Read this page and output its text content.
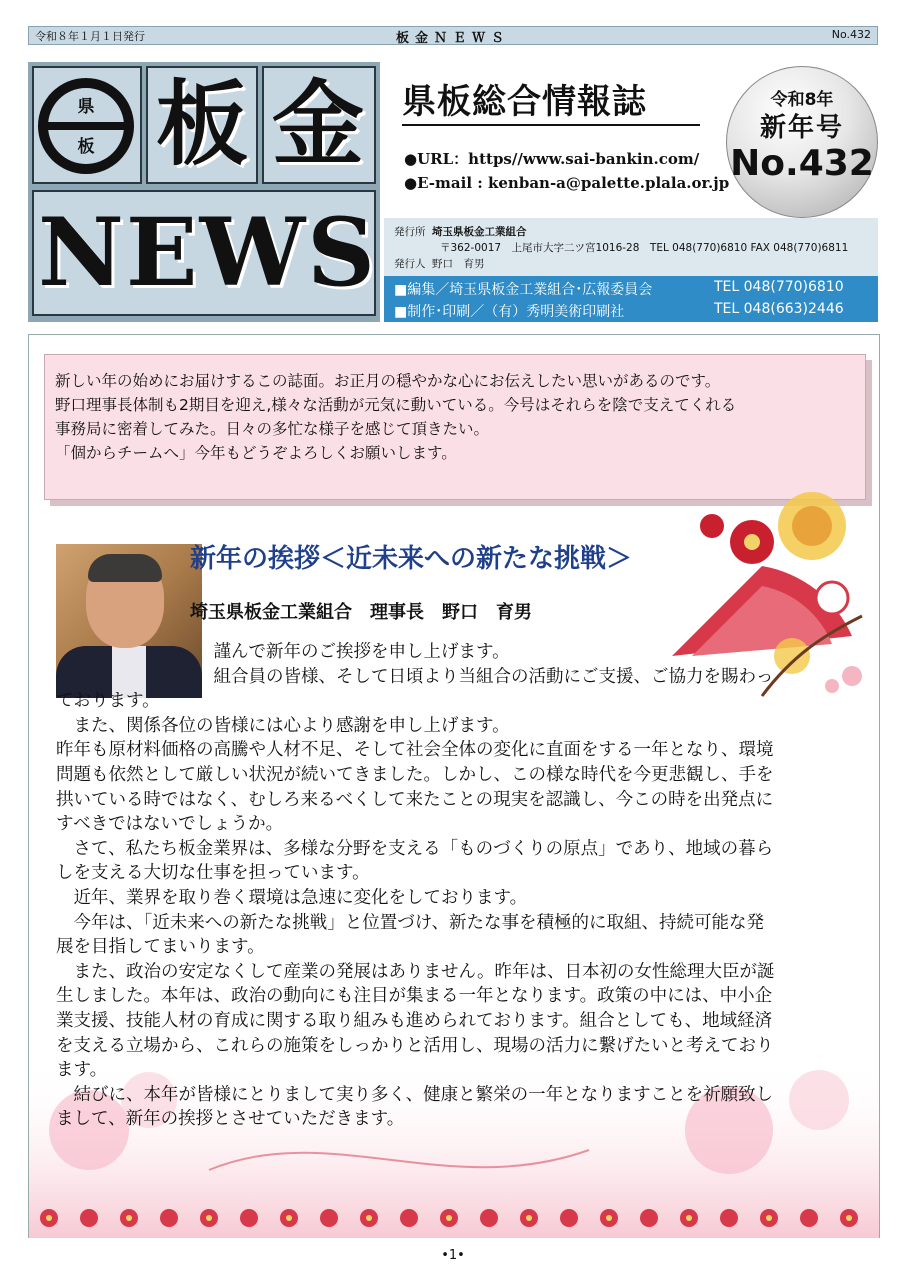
令和８年１月１日発行	板金ＮＥＷＳ	No.432
県
板 板 金
NEWS
県板総合情報誌
●URL：https//www.sai-bankin.com/
●E-mail : kenban-a@palette.plala.or.jp
令和8年
新年号
No.432
発行所 埼玉県板金工業組合
〒362-0017　上尾市大字二ツ宮1016-28　TEL 048(770)6810 FAX 048(770)6811
発行人 野口　育男
■編集／埼玉県板金工業組合･広報委員会	TEL 048(770)6810
■制作･印刷／（有）秀明美術印刷社	TEL 048(663)2446

新しい年の始めにお届けするこの誌面。お正月の穏やかな心にお伝えしたい思いがあるのです。

野口理事長体制も2期目を迎え,様々な活動が元気に動いている。今号はそれらを陰で支えてくれる

事務局に密着してみた。日々の多忙な様子を感じて頂きたい。

「個からチームへ」今年もどうぞよろしくお願いします。

新年の挨拶＜近未来への新たな挑戦＞
埼玉県板金工業組合　理事長　野口　育男
　謹んで新年のご挨拶を申し上げます。
　組合員の皆様、そして日頃より当組合の活動にご支援、ご協力を賜わっ
ております。
　また、関係各位の皆様には心より感謝を申し上げます。
昨年も原材料価格の高騰や人材不足、そして社会全体の変化に直面をする一年となり、環境
問題も依然として厳しい状況が続いてきました。しかし、この様な時代を今更悲観し、手を
拱いている時ではなく、むしろ来るべくして来たことの現実を認識し、今この時を出発点に
すべきではないでしょうか。
　さて、私たち板金業界は、多様な分野を支える「ものづくりの原点」であり、地域の暮ら
しを支える大切な仕事を担っています。
　近年、業界を取り巻く環境は急速に変化をしております。
　今年は、「近未来への新たな挑戦」と位置づけ、新たな事を積極的に取組、持続可能な発
展を目指してまいります。
　また、政治の安定なくして産業の発展はありません。昨年は、日本初の女性総理大臣が誕
生しました。本年は、政治の動向にも注目が集まる一年となります。政策の中には、中小企
業支援、技能人材の育成に関する取り組みも進められております。組合としても、地域経済
を支える立場から、これらの施策をしっかりと活用し、現場の活力に繋げたいと考えており
ます。
　結びに、本年が皆様にとりまして実り多く、健康と繁栄の一年となりますことを祈願致し
まして、新年の挨拶とさせていただきます。
•1•
